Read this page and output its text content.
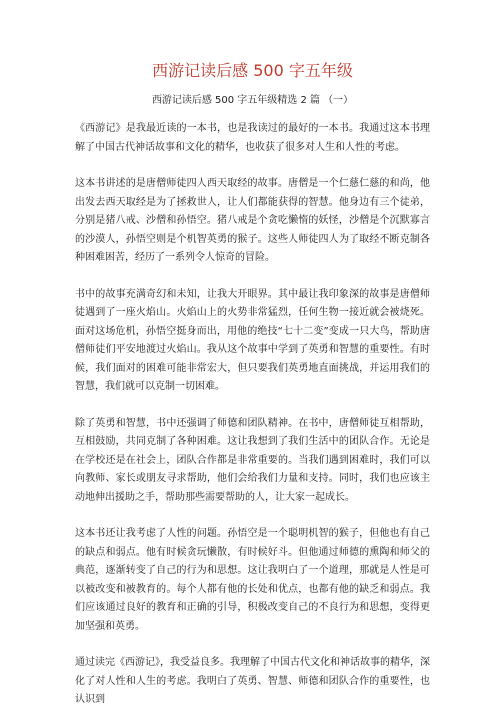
西游记读后感 500 字五年级
西游记读后感 500 字五年级精选 2 篇 （一）

《西游记》是我最近读的一本书，也是我读过的最好的一本书。我通过这本书理解了中国古代神话故事和文化的精华，也收获了很多对人生和人性的考虑。

这本书讲述的是唐僧师徒四人西天取经的故事。唐僧是一个仁慈仁慈的和尚，他出发去西天取经是为了拯救世人，让人们都能获得的智慧。他身边有三个徒弟，分别是猪八戒、沙僧和孙悟空。猪八戒是个贪吃懒惰的妖怪，沙僧是个沉默寡言的沙漠人，孙悟空则是个机智英勇的猴子。这些人师徒四人为了取经不断克制各种困难困苦，经历了一系列令人惊奇的冒险。

书中的故事充满奇幻和未知，让我大开眼界。其中最让我印象深的故事是唐僧师徒遇到了一座火焰山。火焰山上的火势非常猛烈，任何生物一接近就会被烧死。面对这场危机，孙悟空挺身而出，用他的绝技“七十二变”变成一只大鸟，帮助唐僧师徒们平安地渡过火焰山。我从这个故事中学到了英勇和智慧的重要性。有时候，我们面对的困难可能非常宏大，但只要我们英勇地直面挑战，并运用我们的智慧，我们就可以克制一切困难。

除了英勇和智慧，书中还强调了师德和团队精神。在书中，唐僧师徒互相帮助，互相鼓励，共同克制了各种困难。这让我想到了我们生活中的团队合作。无论是在学校还是在社会上，团队合作都是非常重要的。当我们遇到困难时，我们可以向教师、家长或朋友寻求帮助，他们会给我们力量和支持。同时，我们也应该主动地伸出援助之手，帮助那些需要帮助的人，让大家一起成长。

这本书还让我考虑了人性的问题。孙悟空是一个聪明机智的猴子，但他也有自己的缺点和弱点。他有时候贪玩懒散，有时候好斗。但他通过师德的熏陶和师父的典范，逐渐转变了自己的行为和思想。这让我明白了一个道理，那就是人性是可以被改变和被教育的。每个人都有他的长处和优点，也都有他的缺乏和弱点。我们应该通过良好的教育和正确的引导，积极改变自己的不良行为和思想，变得更加坚强和英勇。

通过读完《西游记》，我受益良多。我理解了中国古代文化和神话故事的精华，深化了对人性和人生的考虑。我明白了英勇、智慧、师德和团队合作的重要性，也认识到
